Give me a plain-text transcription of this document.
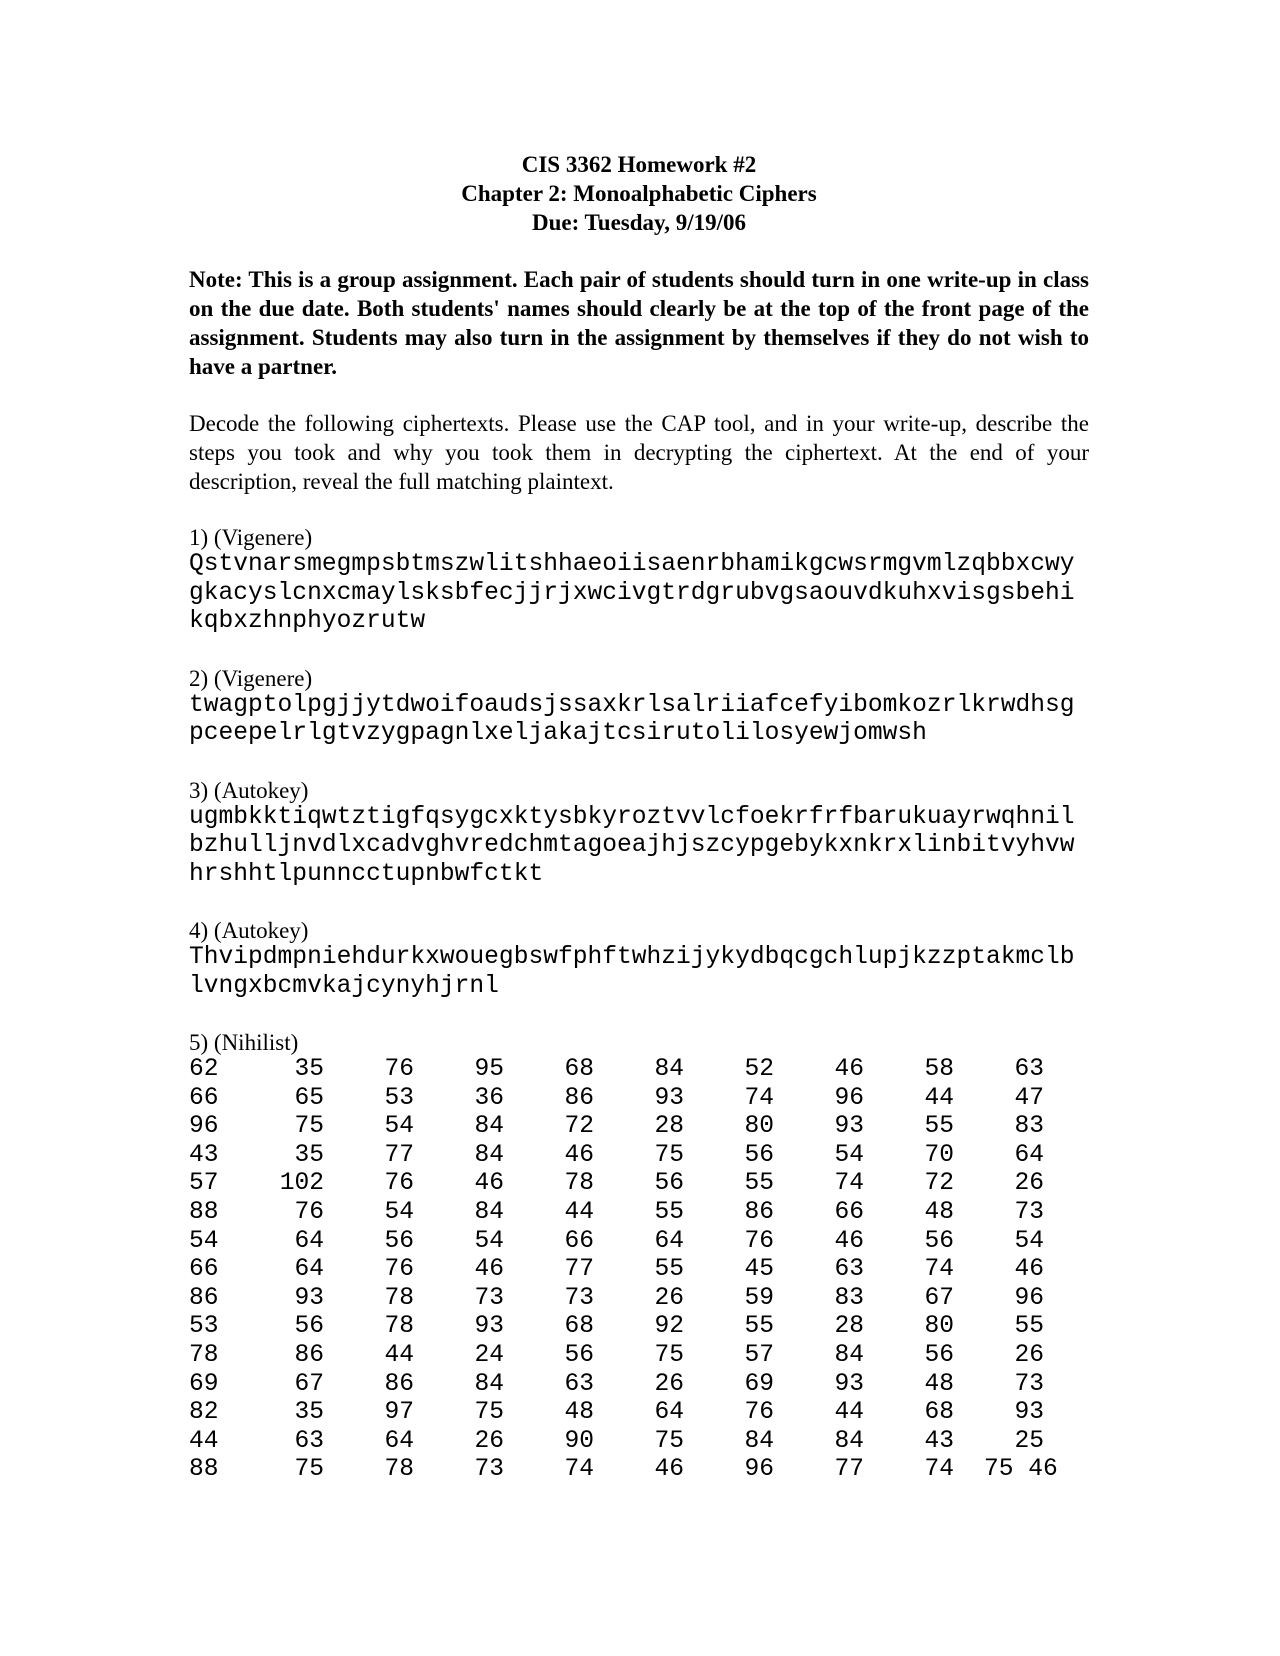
CIS 3362 Homework #2
Chapter 2: Monoalphabetic Ciphers
Due: Tuesday, 9/19/06
Note: This is a group assignment. Each pair of students should turn in one write-up in class on the due date. Both students' names should clearly be at the top of the front page of the assignment. Students may also turn in the assignment by themselves if they do not wish to have a partner.
Decode the following ciphertexts. Please use the CAP tool, and in your write-up, describe the steps you took and why you took them in decrypting the ciphertext. At the end of your description, reveal the full matching plaintext.
1) (Vigenere)
Qstvnarsmegmpsbtmszwlitshhaeoiisaenrbhamikgcwsrmgvmlzqbbxcwygkacyslcnxcmaylsksbfecjjrjxwcivgtrdgrubvgsaouvdkuhxvisgsbehikqbxzhnphyozrutw
2) (Vigenere)
twagptolpgjjytdwoifoaudsjssaxkrlsalriiafcefyibomkozrlkrwdhsgpceepelrlgtvzygpagnlxeljakajtcsirutolilosyewjomwsh
3) (Autokey)
ugmbkktiqwtztigfqsygcxktysbkyroztvvlcfoekrfrfbarukuayrwqhnilbzhulljnvdlxcadvghvredchmtagoeajhjszcypgebykxnkrxlinbitvyhvwhrshhtlpunncctupnbwfctkt
4) (Autokey)
Thvipdmpniehdurkxwouegbswfphftwhzijykydbqcgchlupjkzzptakmclblvngxbcmvkajcynyhjrnl
5) (Nihilist)
62	35	76	95	68	84	52	46	58	63
66	65	53	36	86	93	74	96	44	47
96	75	54	84	72	28	80	93	55	83
43	35	77	84	46	75	56	54	70	64
57	102	76	46	78	56	55	74	72	26
88	76	54	84	44	55	86	66	48	73
54	64	56	54	66	64	76	46	56	54
66	64	76	46	77	55	45	63	74	46
86	93	78	73	73	26	59	83	67	96
53	56	78	93	68	92	55	28	80	55
78	86	44	24	56	75	57	84	56	26
69	67	86	84	63	26	69	93	48	73
82	35	97	75	48	64	76	44	68	93
44	63	64	26	90	75	84	84	43	25
88	75	78	73	74	46	96	77	74 75 46
